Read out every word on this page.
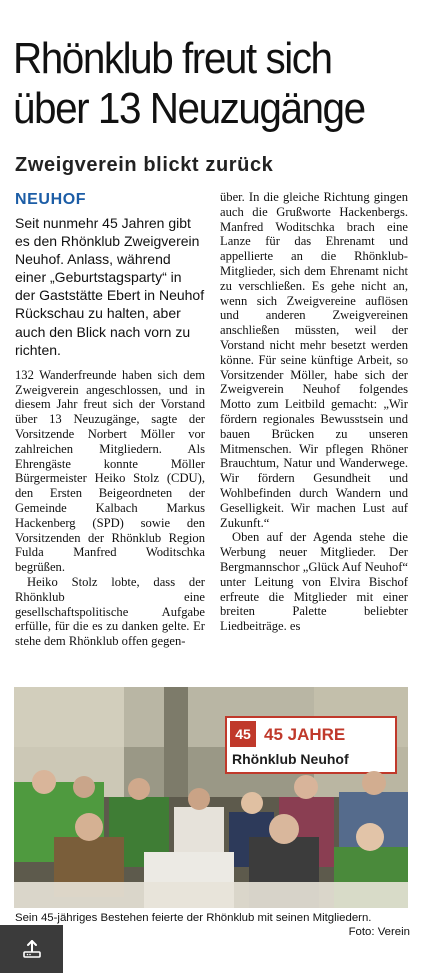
Rhönklub freut sich
über 13 Neuzugänge
Zweigverein blickt zurück
NEUHOF

Seit nunmehr 45 Jahren gibt es den Rhönklub Zweigverein Neuhof. Anlass, während einer „Geburtstagsparty“ in der Gaststätte Ebert in Neuhof Rückschau zu halten, aber auch den Blick nach vorn zu richten.

132 Wanderfreunde haben sich dem Zweigverein angeschlossen, und in diesem Jahr freut sich der Vorstand über 13 Neuzugänge, sagte der Vorsitzende Norbert Möller vor zahlreichen Mitgliedern. Als Ehrengäste konnte Möller Bürgermeister Heiko Stolz (CDU), den Ersten Beigeordneten der Gemeinde Kalbach Markus Hackenberg (SPD) sowie den Vorsitzenden der Rhönklub Region Fulda Manfred Woditschka begrüßen.

Heiko Stolz lobte, dass der Rhönklub eine gesellschaftspolitische Aufgabe erfülle, für die es zu danken gelte. Er stehe dem Rhönklub offen gegen-

über. In die gleiche Richtung gingen auch die Grußworte Hackenbergs. Manfred Woditschka brach eine Lanze für das Ehrenamt und appellierte an die Rhönklub-Mitglieder, sich dem Ehrenamt nicht zu verschließen. Es gehe nicht an, wenn sich Zweigvereine auflösen und anderen Zweigvereinen anschließen müssten, weil der Vorstand nicht mehr besetzt werden könne. Für seine künftige Arbeit, so Vorsitzender Möller, habe sich der Zweigverein Neuhof folgendes Motto zum Leitbild gemacht: „Wir fördern regionales Bewusstsein und bauen Brücken zu unseren Mitmenschen. Wir pflegen Rhöner Brauchtum, Natur und Wanderwege. Wir fördern Gesundheit und Wohlbefinden durch Wandern und Geselligkeit. Wir machen Lust auf Zukunft.“

Oben auf der Agenda stehe die Werbung neuer Mitglieder. Der Bergmannschor „Glück Auf Neuhof“ unter Leitung von Elvira Bischof erfreute die Mitglieder mit einer breiten Palette beliebter Liedbeiträge. es

45 45 JAHRE
Rhönklub Neuhof
Sein 45-jähriges Bestehen feierte der Rhönklub mit seinen Mitgliedern.
Foto: Verein
